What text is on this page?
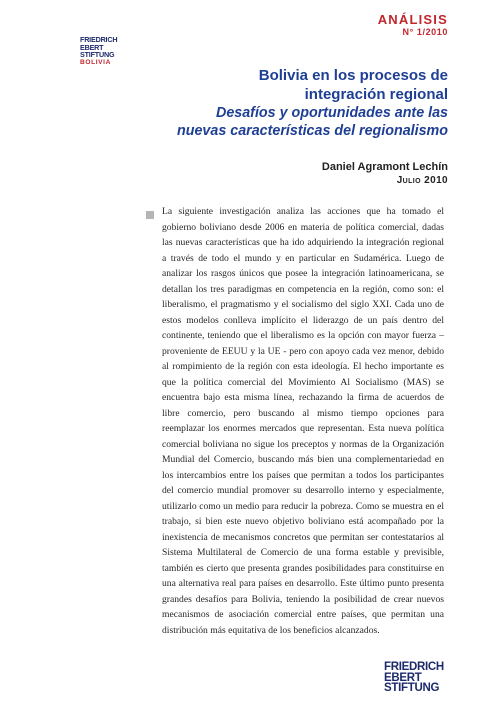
FRIEDRICH
EBERT
STIFTUNG
BOLIVIA
ANÁLISIS
N° 1/2010
Bolivia en los procesos de
integración regional
Desafíos y oportunidades ante las
nuevas características del regionalismo
Daniel Agramont Lechín
Julio 2010

La siguiente investigación analiza las acciones que ha tomado el gobierno boliviano desde 2006 en materia de política comercial, dadas las nuevas características que ha ido adquiriendo la integración regional a través de todo el mundo y en particular en Sudamérica. Luego de analizar los rasgos únicos que posee la integración latinoamericana, se detallan los tres paradigmas en competencia en la región, como son: el liberalismo, el pragmatismo y el socialismo del siglo XXI. Cada uno de estos modelos conlleva implícito el liderazgo de un país dentro del continente, teniendo que el liberalismo es la opción con mayor fuerza – proveniente de EEUU y la UE - pero con apoyo cada vez menor, debido al rompimiento de la región con esta ideología. El hecho importante es que la política comercial del Movimiento Al Socialismo (MAS) se encuentra bajo esta misma línea, rechazando la firma de acuerdos de libre comercio, pero buscando al mismo tiempo opciones para reemplazar los enormes mercados que representan. Esta nueva política comercial boliviana no sigue los preceptos y normas de la Organización Mundial del Comercio, buscando más bien una complementariedad en los intercambios entre los países que permitan a todos los participantes del comercio mundial promover su desarrollo interno y especialmente, utilizarlo como un medio para reducir la pobreza. Como se muestra en el trabajo, si bien este nuevo objetivo boliviano está acompañado por la inexistencia de mecanismos concretos que permitan ser contestatarios al Sistema Multilateral de Comercio de una forma estable y previsible, también es cierto que presenta grandes posibilidades para constituirse en una alternativa real para países en desarrollo. Este último punto presenta grandes desafíos para Bolivia, teniendo la posibilidad de crear nuevos mecanismos de asociación comercial entre países, que permitan una distribución más equitativa de los beneficios alcanzados.

FRIEDRICH
EBERT
STIFTUNG
